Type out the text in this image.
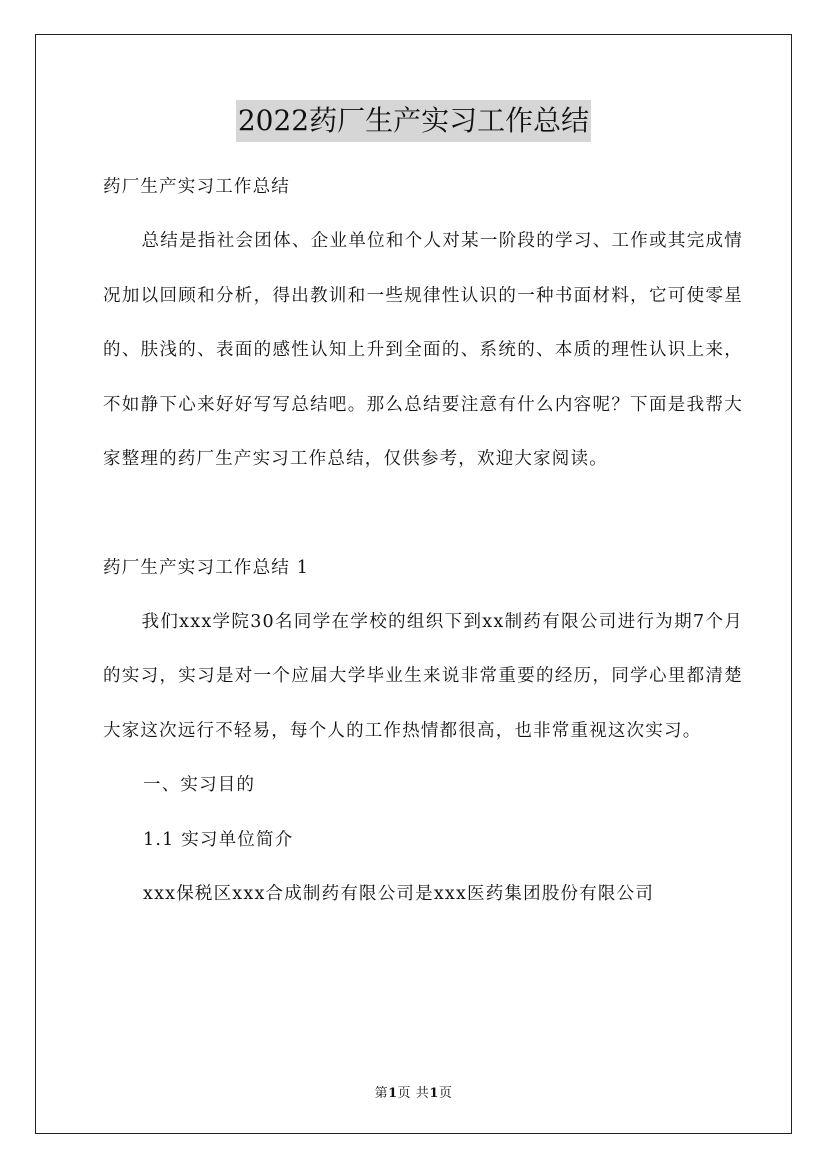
2022药厂生产实习工作总结

药厂生产实习工作总结

总结是指社会团体、企业单位和个人对某一阶段的学习、工作或其完成情况加以回顾和分析，得出教训和一些规律性认识的一种书面材料，它可使零星的、肤浅的、表面的感性认知上升到全面的、系统的、本质的理性认识上来，不如静下心来好好写写总结吧。那么总结要注意有什么内容呢？下面是我帮大家整理的药厂生产实习工作总结，仅供参考，欢迎大家阅读。

药厂生产实习工作总结 1

我们xxx学院30名同学在学校的组织下到xx制药有限公司进行为期7个月的实习，实习是对一个应届大学毕业生来说非常重要的经历，同学心里都清楚大家这次远行不轻易，每个人的工作热情都很高，也非常重视这次实习。

一、实习目的

1.1 实习单位简介

xxx保税区xxx合成制药有限公司是xxx医药集团股份有限公司

第1页 共1页
